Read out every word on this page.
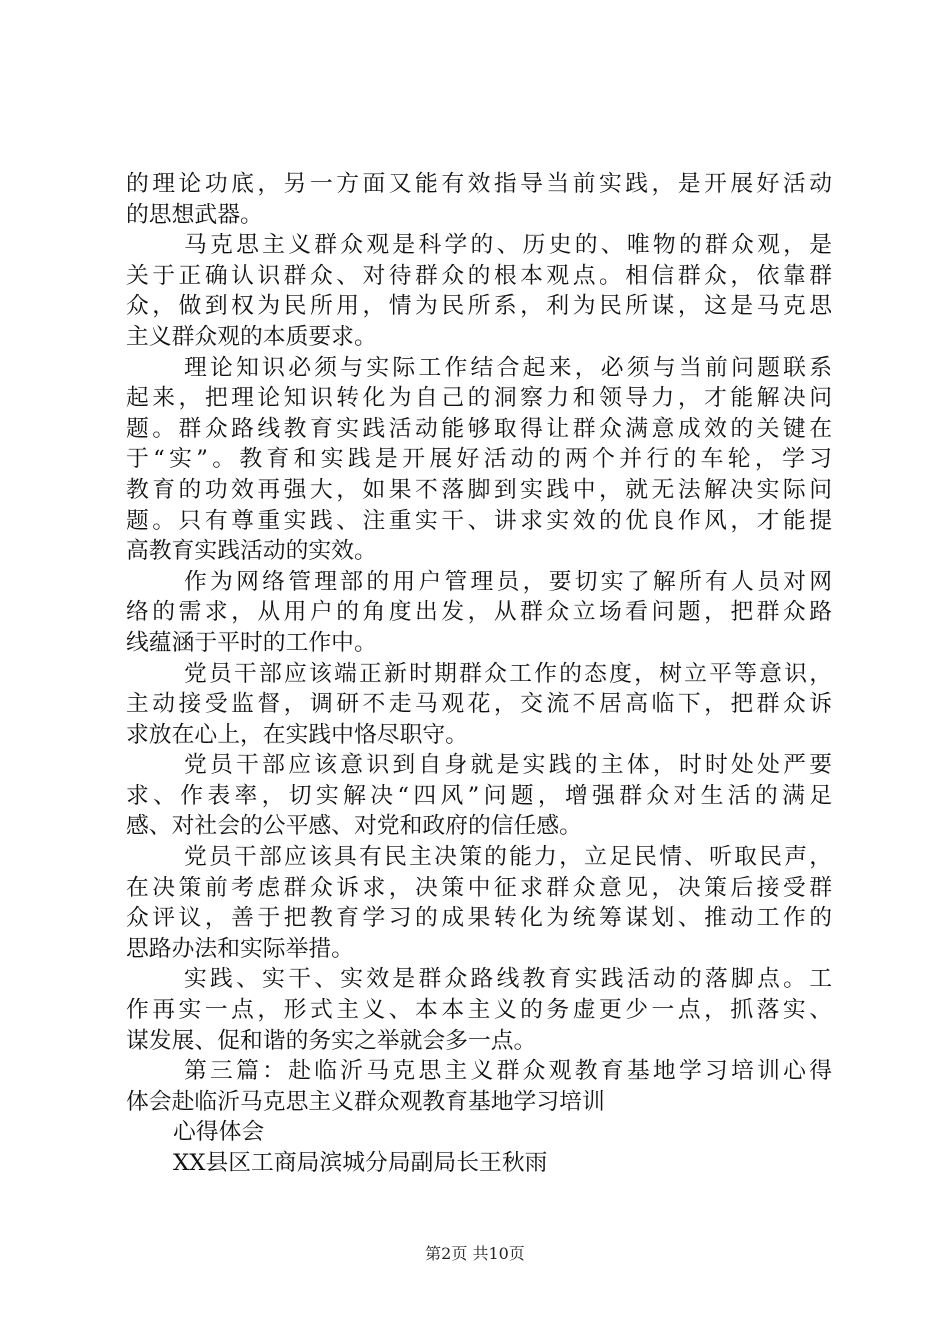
的理论功底，另一方面又能有效指导当前实践，是开展好活动
的思想武器。
马克思主义群众观是科学的、历史的、唯物的群众观，是
关于正确认识群众、对待群众的根本观点。相信群众，依靠群
众，做到权为民所用，情为民所系，利为民所谋，这是马克思
主义群众观的本质要求。
理论知识必须与实际工作结合起来，必须与当前问题联系
起来，把理论知识转化为自己的洞察力和领导力，才能解决问
题。群众路线教育实践活动能够取得让群众满意成效的关键在
于“实”。教育和实践是开展好活动的两个并行的车轮，学习
教育的功效再强大，如果不落脚到实践中，就无法解决实际问
题。只有尊重实践、注重实干、讲求实效的优良作风，才能提
高教育实践活动的实效。
作为网络管理部的用户管理员，要切实了解所有人员对网
络的需求，从用户的角度出发，从群众立场看问题，把群众路
线蕴涵于平时的工作中。
党员干部应该端正新时期群众工作的态度，树立平等意识，
主动接受监督，调研不走马观花，交流不居高临下，把群众诉
求放在心上，在实践中恪尽职守。
党员干部应该意识到自身就是实践的主体，时时处处严要
求、作表率，切实解决“四风”问题，增强群众对生活的满足
感、对社会的公平感、对党和政府的信任感。
党员干部应该具有民主决策的能力，立足民情、听取民声，
在决策前考虑群众诉求，决策中征求群众意见，决策后接受群
众评议，善于把教育学习的成果转化为统筹谋划、推动工作的
思路办法和实际举措。
实践、实干、实效是群众路线教育实践活动的落脚点。工
作再实一点，形式主义、本本主义的务虚更少一点，抓落实、
谋发展、促和谐的务实之举就会多一点。
第三篇：赴临沂马克思主义群众观教育基地学习培训心得
体会赴临沂马克思主义群众观教育基地学习培训
心得体会
XX县区工商局滨城分局副局长王秋雨
第2页 共10页
